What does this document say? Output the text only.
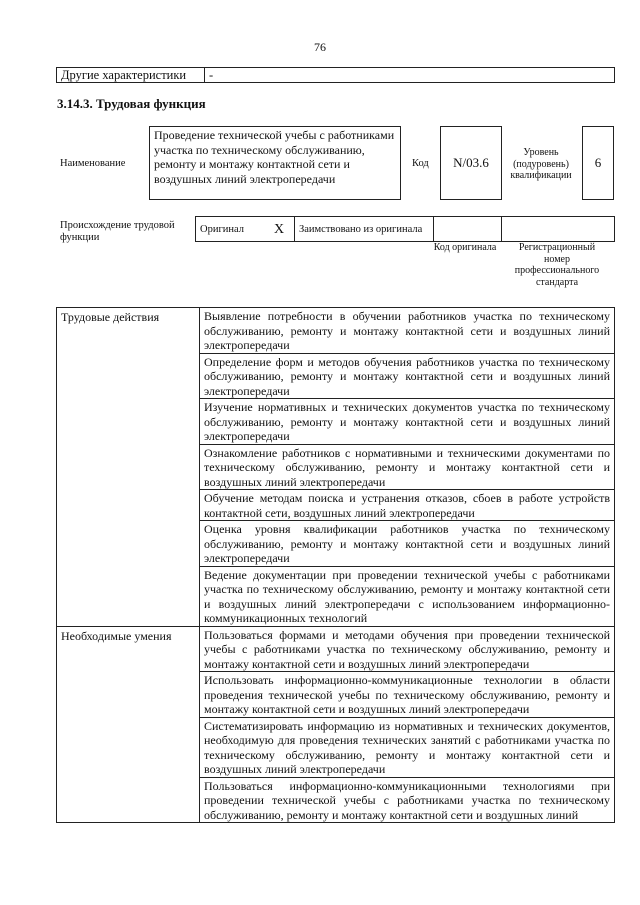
76
Другие характеристики	-
3.14.3. Трудовая функция
Наименование
Проведение технической учебы с работниками участка по техническому обслуживанию, ремонту и монтажу контактной сети и воздушных линий электропередачи
Код	N/03.6
Уровень (подуровень) квалификации
6
Происхождение трудовой функции
Оригинал	X	Заимствовано из оригинала		
Код оригинала	Регистрационный номер профессионального стандарта
Трудовые действия	Выявление потребности в обучении работников участка по техническому обслуживанию, ремонту и монтажу контактной сети и воздушных линий электропередачи
	Определение форм и методов обучения работников участка по техническому обслуживанию, ремонту и монтажу контактной сети и воздушных линий электропередачи
	Изучение нормативных и технических документов участка по техническому обслуживанию, ремонту и монтажу контактной сети и воздушных линий электропередачи
	Ознакомление работников с нормативными и техническими документами по техническому обслуживанию, ремонту и монтажу контактной сети и воздушных линий электропередачи
	Обучение методам поиска и устранения отказов, сбоев в работе устройств контактной сети, воздушных линий электропередачи
	Оценка уровня квалификации работников участка по техническому обслуживанию, ремонту и монтажу контактной сети и воздушных линий электропередачи
	Ведение документации при проведении технической учебы с работниками участка по техническому обслуживанию, ремонту и монтажу контактной сети и воздушных линий электропередачи с использованием информационно-коммуникационных технологий
Необходимые умения	Пользоваться формами и методами обучения при проведении технической учебы с работниками участка по техническому обслуживанию, ремонту и монтажу контактной сети и воздушных линий электропередачи
	Использовать информационно-коммуникационные технологии в области проведения технической учебы по техническому обслуживанию, ремонту и монтажу контактной сети и воздушных линий электропередачи
	Систематизировать информацию из нормативных и технических документов, необходимую для проведения технических занятий с работниками участка по техническому обслуживанию, ремонту и монтажу контактной сети и воздушных линий электропередачи
	Пользоваться информационно-коммуникационными технологиями при проведении технической учебы с работниками участка по техническому обслуживанию, ремонту и монтажу контактной сети и воздушных линий
